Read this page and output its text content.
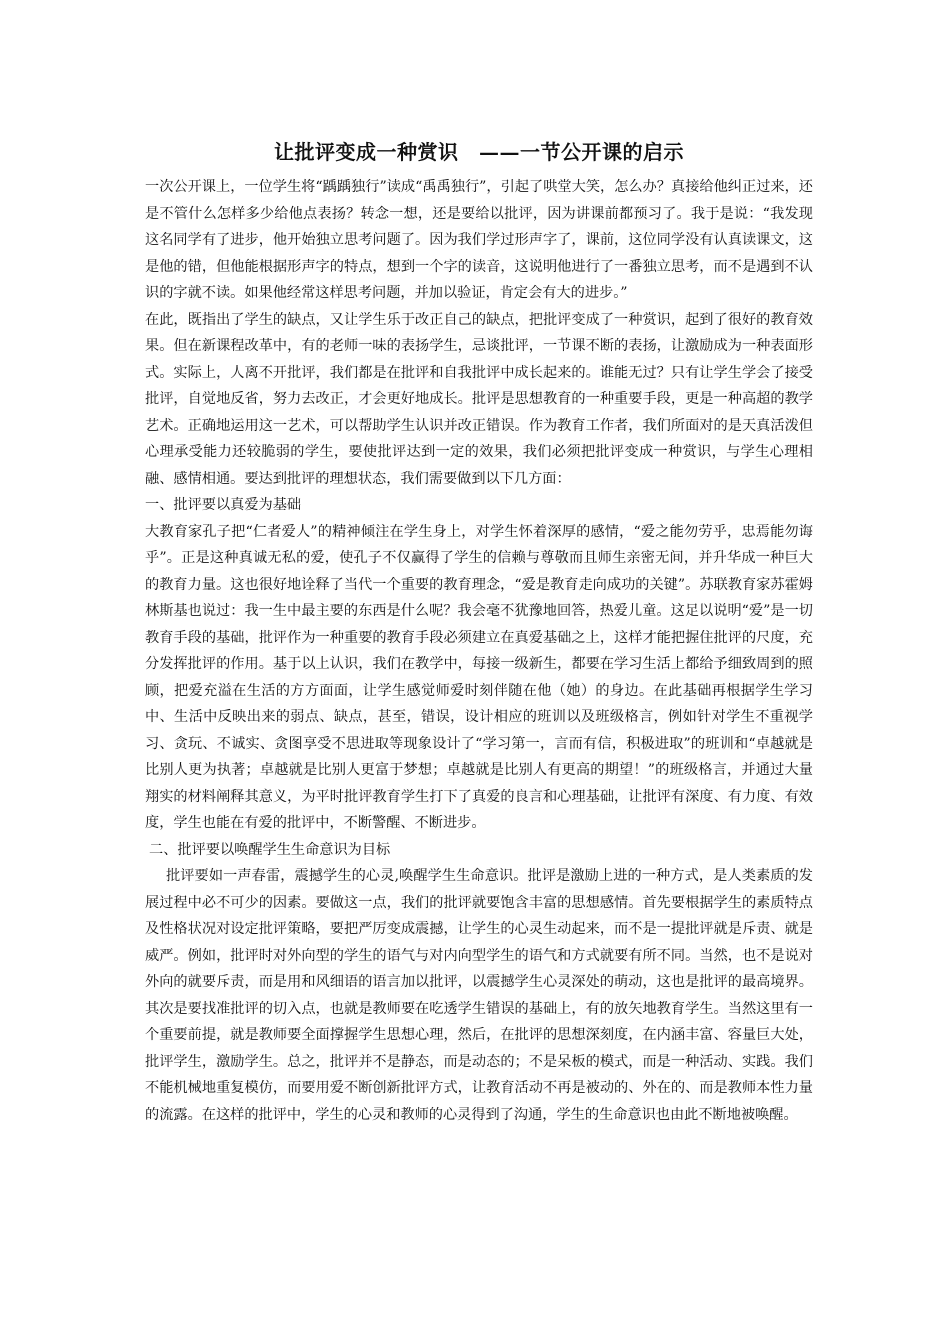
让批评变成一种赏识　——一节公开课的启示

一次公开课上，一位学生将“踽踽独行”读成“禹禹独行”，引起了哄堂大笑，怎么办？真接给他纠正过来，还是不管什么怎样多少给他点表扬？转念一想，还是要给以批评，因为讲课前都预习了。我于是说：“我发现这名同学有了进步，他开始独立思考问题了。因为我们学过形声字了，课前，这位同学没有认真读课文，这是他的错，但他能根据形声字的特点，想到一个字的读音，这说明他进行了一番独立思考，而不是遇到不认识的字就不读。如果他经常这样思考问题，并加以验证，肯定会有大的进步。”

在此，既指出了学生的缺点，又让学生乐于改正自己的缺点，把批评变成了一种赏识，起到了很好的教育效果。但在新课程改革中，有的老师一味的表扬学生，忌谈批评，一节课不断的表扬，让激励成为一种表面形式。实际上，人离不开批评，我们都是在批评和自我批评中成长起来的。谁能无过？只有让学生学会了接受批评，自觉地反省，努力去改正，才会更好地成长。批评是思想教育的一种重要手段，更是一种高超的教学艺术。正确地运用这一艺术，可以帮助学生认识并改正错误。作为教育工作者，我们所面对的是天真活泼但心理承受能力还较脆弱的学生，要使批评达到一定的效果，我们必须把批评变成一种赏识，与学生心理相融、感情相通。要达到批评的理想状态，我们需要做到以下几方面：

一、批评要以真爱为基础

大教育家孔子把“仁者爱人”的精神倾注在学生身上，对学生怀着深厚的感情，“爱之能勿劳乎，忠焉能勿诲乎”。正是这种真诚无私的爱，使孔子不仅赢得了学生的信赖与尊敬而且师生亲密无间，并升华成一种巨大的教育力量。这也很好地诠释了当代一个重要的教育理念，“爱是教育走向成功的关键”。苏联教育家苏霍姆林斯基也说过：我一生中最主要的东西是什么呢？我会毫不犹豫地回答，热爱儿童。这足以说明“爱”是一切教育手段的基础，批评作为一种重要的教育手段必须建立在真爱基础之上，这样才能把握住批评的尺度，充分发挥批评的作用。基于以上认识，我们在教学中，每接一级新生，都要在学习生活上都给予细致周到的照顾，把爱充溢在生活的方方面面，让学生感觉师爱时刻伴随在他（她）的身边。在此基础再根据学生学习中、生活中反映出来的弱点、缺点，甚至，错误，设计相应的班训以及班级格言，例如针对学生不重视学习、贪玩、不诚实、贪图享受不思进取等现象设计了“学习第一，言而有信，积极进取”的班训和“卓越就是比别人更为执著；卓越就是比别人更富于梦想；卓越就是比别人有更高的期望！”的班级格言，并通过大量翔实的材料阐释其意义，为平时批评教育学生打下了真爱的良言和心理基础，让批评有深度、有力度、有效度，学生也能在有爱的批评中，不断警醒、不断进步。

二、批评要以唤醒学生生命意识为目标

批评要如一声春雷，震撼学生的心灵,唤醒学生生命意识。批评是激励上进的一种方式，是人类素质的发展过程中必不可少的因素。要做这一点，我们的批评就要饱含丰富的思想感情。首先要根据学生的素质特点及性格状况对设定批评策略，要把严厉变成震撼，让学生的心灵生动起来，而不是一提批评就是斥责、就是威严。例如，批评时对外向型的学生的语气与对内向型学生的语气和方式就要有所不同。当然，也不是说对外向的就要斥责，而是用和风细语的语言加以批评，以震撼学生心灵深处的萌动，这也是批评的最高境界。其次是要找准批评的切入点，也就是教师要在吃透学生错误的基础上，有的放矢地教育学生。当然这里有一个重要前提，就是教师要全面撑握学生思想心理，然后，在批评的思想深刻度，在内涵丰富、容量巨大处，批评学生，激励学生。总之，批评并不是静态，而是动态的；不是呆板的模式，而是一种活动、实践。我们不能机械地重复模仿，而要用爱不断创新批评方式，让教育活动不再是被动的、外在的、而是教师本性力量的流露。在这样的批评中，学生的心灵和教师的心灵得到了沟通，学生的生命意识也由此不断地被唤醒。
